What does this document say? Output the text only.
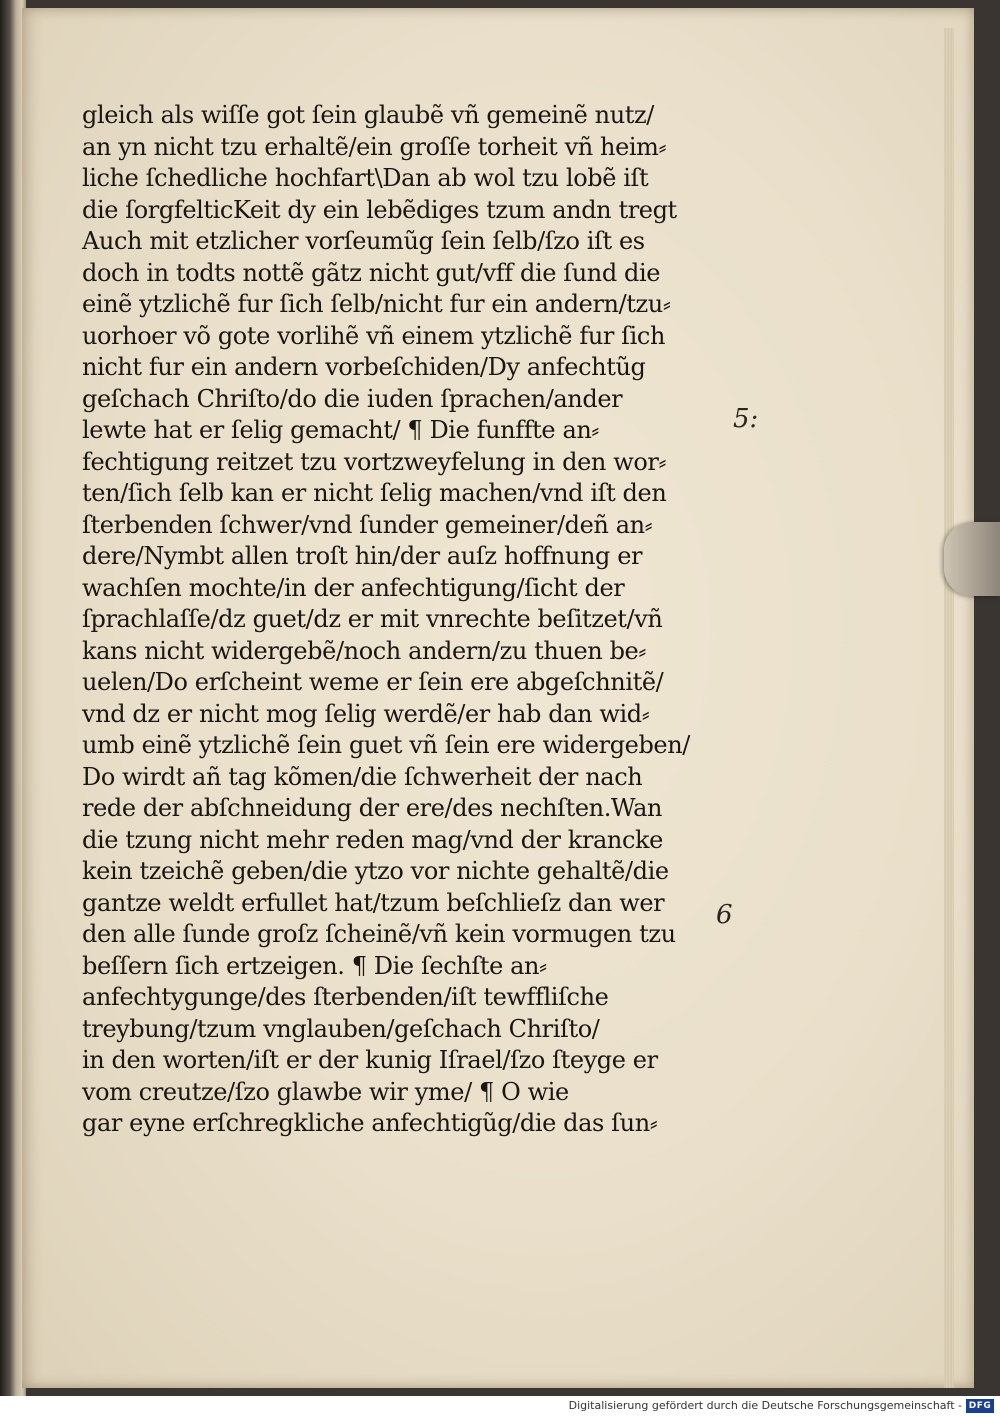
gleich als wiſſe got ſein glaubẽ vñ gemeinẽ nutz/
an yn nicht tzu erhaltẽ/ein groſſe torheit vñ heim⸗
liche ſchedliche hochfart\Dan ab wol tzu lobẽ iſt
die ſorgfelticKeit dy ein lebẽdiges tzum andn tregt
Auch mit etzlicher vorſeumũg ſein ſelb/ſzo iſt es
doch in todts nottẽ gãtz nicht gut/vff die ſund die
einẽ ytzlichẽ fur ſich ſelb/nicht fur ein andern/tzu⸗
uorhoer võ gote vorlihẽ vñ einem ytzlichẽ fur ſich
nicht fur ein andern vorbeſchiden/Dy anfechtũg
geſchach Chriſto/do die iuden ſprachen/ander
lewte hat er ſelig gemacht/ ¶ Die funffte an⸗
fechtigung reitzet tzu vortzweyfelung in den wor⸗
ten/ſich ſelb kan er nicht ſelig machen/vnd iſt den
ſterbenden ſchwer/vnd ſunder gemeiner/deñ an⸗
dere/Nymbt allen troſt hin/der auſz hoffnung er
wachſen mochte/in der anfechtigung/ſicht der
ſprachlaſſe/dz guet/dz er mit vnrechte beſitzet/vñ
kans nicht widergebẽ/noch andern/zu thuen be⸗
uelen/Do erſcheint weme er ſein ere abgeſchnitẽ/
vnd dz er nicht mog ſelig werdẽ/er hab dan wid⸗
umb einẽ ytzlichẽ ſein guet vñ ſein ere widergeben/
Do wirdt añ tag kõmen/die ſchwerheit der nach
rede der abſchneidung der ere/des nechſten.Wan
die tzung nicht mehr reden mag/vnd der krancke
kein tzeichẽ geben/die ytzo vor nichte gehaltẽ/die
gantze weldt erfullet hat/tzum beſchlieſz dan wer
den alle ſunde groſz ſcheinẽ/vñ kein vormugen tzu
beſſern ſich ertzeigen. ¶ Die ſechſte an⸗
anfechtygunge/des ſterbenden/iſt tewffliſche
treybung/tzum vnglauben/geſchach Chriſto/
in den worten/iſt er der kunig Iſrael/ſzo ſteyge er
vom creutze/ſzo glawbe wir yme/ ¶ O wie
gar eyne erſchregkliche anfechtigũg/die das ſun⸗
5:
6
Digitalisierung gefördert durch die Deutsche Forschungsgemeinschaft - DFG
